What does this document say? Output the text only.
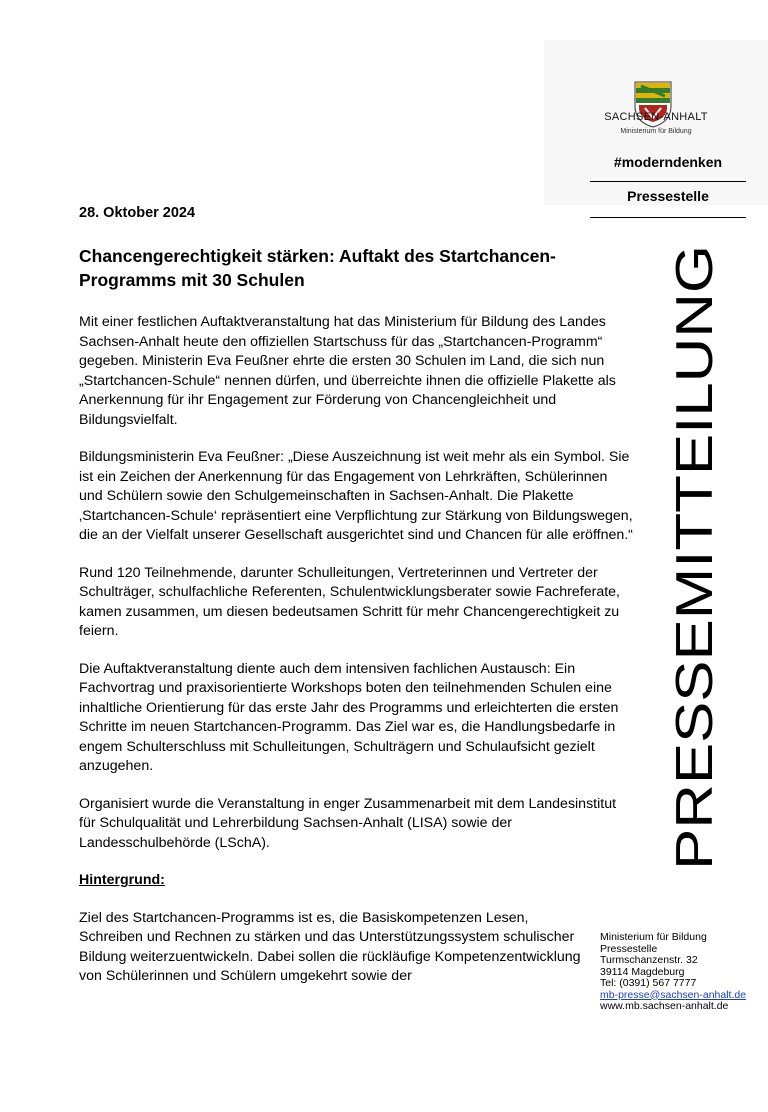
SACHSEN-ANHALT
Ministerium für Bildung
#moderndenken
Pressestelle
PRESSEMITTEILUNG
28. Oktober 2024
Chancengerechtigkeit stärken: Auftakt des Startchancen-Programms mit 30 Schulen

Mit einer festlichen Auftaktveranstaltung hat das Ministerium für Bildung des Landes Sachsen-Anhalt heute den offiziellen Startschuss für das „Startchancen-Programm“ gegeben. Ministerin Eva Feußner ehrte die ersten 30 Schulen im Land, die sich nun „Startchancen-Schule“ nennen dürfen, und überreichte ihnen die offizielle Plakette als Anerkennung für ihr Engagement zur Förderung von Chancengleichheit und Bildungsvielfalt.

Bildungsministerin Eva Feußner: „Diese Auszeichnung ist weit mehr als ein Symbol. Sie ist ein Zeichen der Anerkennung für das Engagement von Lehrkräften, Schülerinnen und Schülern sowie den Schulgemeinschaften in Sachsen-Anhalt. Die Plakette ‚Startchancen-Schule‘ repräsentiert eine Verpflichtung zur Stärkung von Bildungswegen, die an der Vielfalt unserer Gesellschaft ausgerichtet sind und Chancen für alle eröffnen.“

Rund 120 Teilnehmende, darunter Schulleitungen, Vertreterinnen und Vertreter der Schulträger, schulfachliche Referenten, Schulentwicklungsberater sowie Fachreferate, kamen zusammen, um diesen bedeutsamen Schritt für mehr Chancengerechtigkeit zu feiern.

Die Auftaktveranstaltung diente auch dem intensiven fachlichen Austausch: Ein Fachvortrag und praxisorientierte Workshops boten den teilnehmenden Schulen eine inhaltliche Orientierung für das erste Jahr des Programms und erleichterten die ersten Schritte im neuen Startchancen-Programm. Das Ziel war es, die Handlungsbedarfe in engem Schulterschluss mit Schulleitungen, Schulträgern und Schulaufsicht gezielt anzugehen.

Organisiert wurde die Veranstaltung in enger Zusammenarbeit mit dem Landesinstitut für Schulqualität und Lehrerbildung Sachsen-Anhalt (LISA) sowie der Landesschulbehörde (LSchA).

Hintergrund:

Ziel des Startchancen-Programms ist es, die Basiskompetenzen Lesen, Schreiben und Rechnen zu stärken und das Unterstützungssystem schulischer Bildung weiterzuentwickeln. Dabei sollen die rückläufige Kompetenzentwicklung von Schülerinnen und Schülern umgekehrt sowie der

Ministerium für Bildung
Pressestelle
Turmschanzenstr. 32
39114 Magdeburg
Tel: (0391) 567 7777
mb-presse@sachsen-anhalt.de
www.mb.sachsen-anhalt.de
